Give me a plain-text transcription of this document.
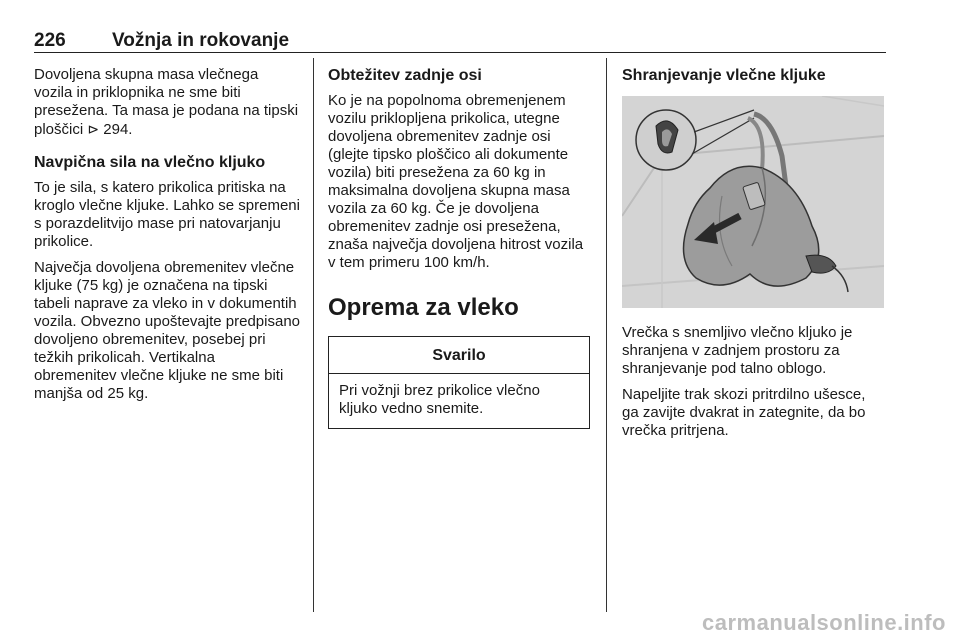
226 Vožnja in rokovanje

Dovoljena skupna masa vlečnega vozila in priklopnika ne sme biti presežena. Ta masa je podana na tipski ploščici ⊳ 294.

Navpična sila na vlečno kljuko

To je sila, s katero prikolica pritiska na kroglo vlečne kljuke. Lahko se spremeni s porazdelitvijo mase pri natovarjanju prikolice.

Največja dovoljena obremenitev vlečne kljuke (75 kg) je označena na tipski tabeli naprave za vleko in v dokumentih vozila. Obvezno upoštevajte predpisano dovoljeno obremenitev, posebej pri težkih prikolicah. Vertikalna obremenitev vlečne kljuke ne sme biti manjša od 25 kg.

Obtežitev zadnje osi

Ko je na popolnoma obremenjenem vozilu priklopljena prikolica, utegne dovoljena obremenitev zadnje osi (glejte tipsko ploščico ali dokumente vozila) biti presežena za 60 kg in maksimalna dovoljena skupna masa vozila za 60 kg. Če je dovoljena obremenitev zadnje osi presežena, znaša največja dovoljena hitrost vozila v tem primeru 100 km/h.

Oprema za vleko
Svarilo
Pri vožnji brez prikolice vlečno kljuko vedno snemite.
Shranjevanje vlečne kljuke

Vrečka s snemljivo vlečno kljuko je shranjena v zadnjem prostoru za shranjevanje pod talno oblogo.

Napeljite trak skozi pritrdilno ušesce, ga zavijte dvakrat in zategnite, da bo vrečka pritrjena.

carmanualsonline.info
